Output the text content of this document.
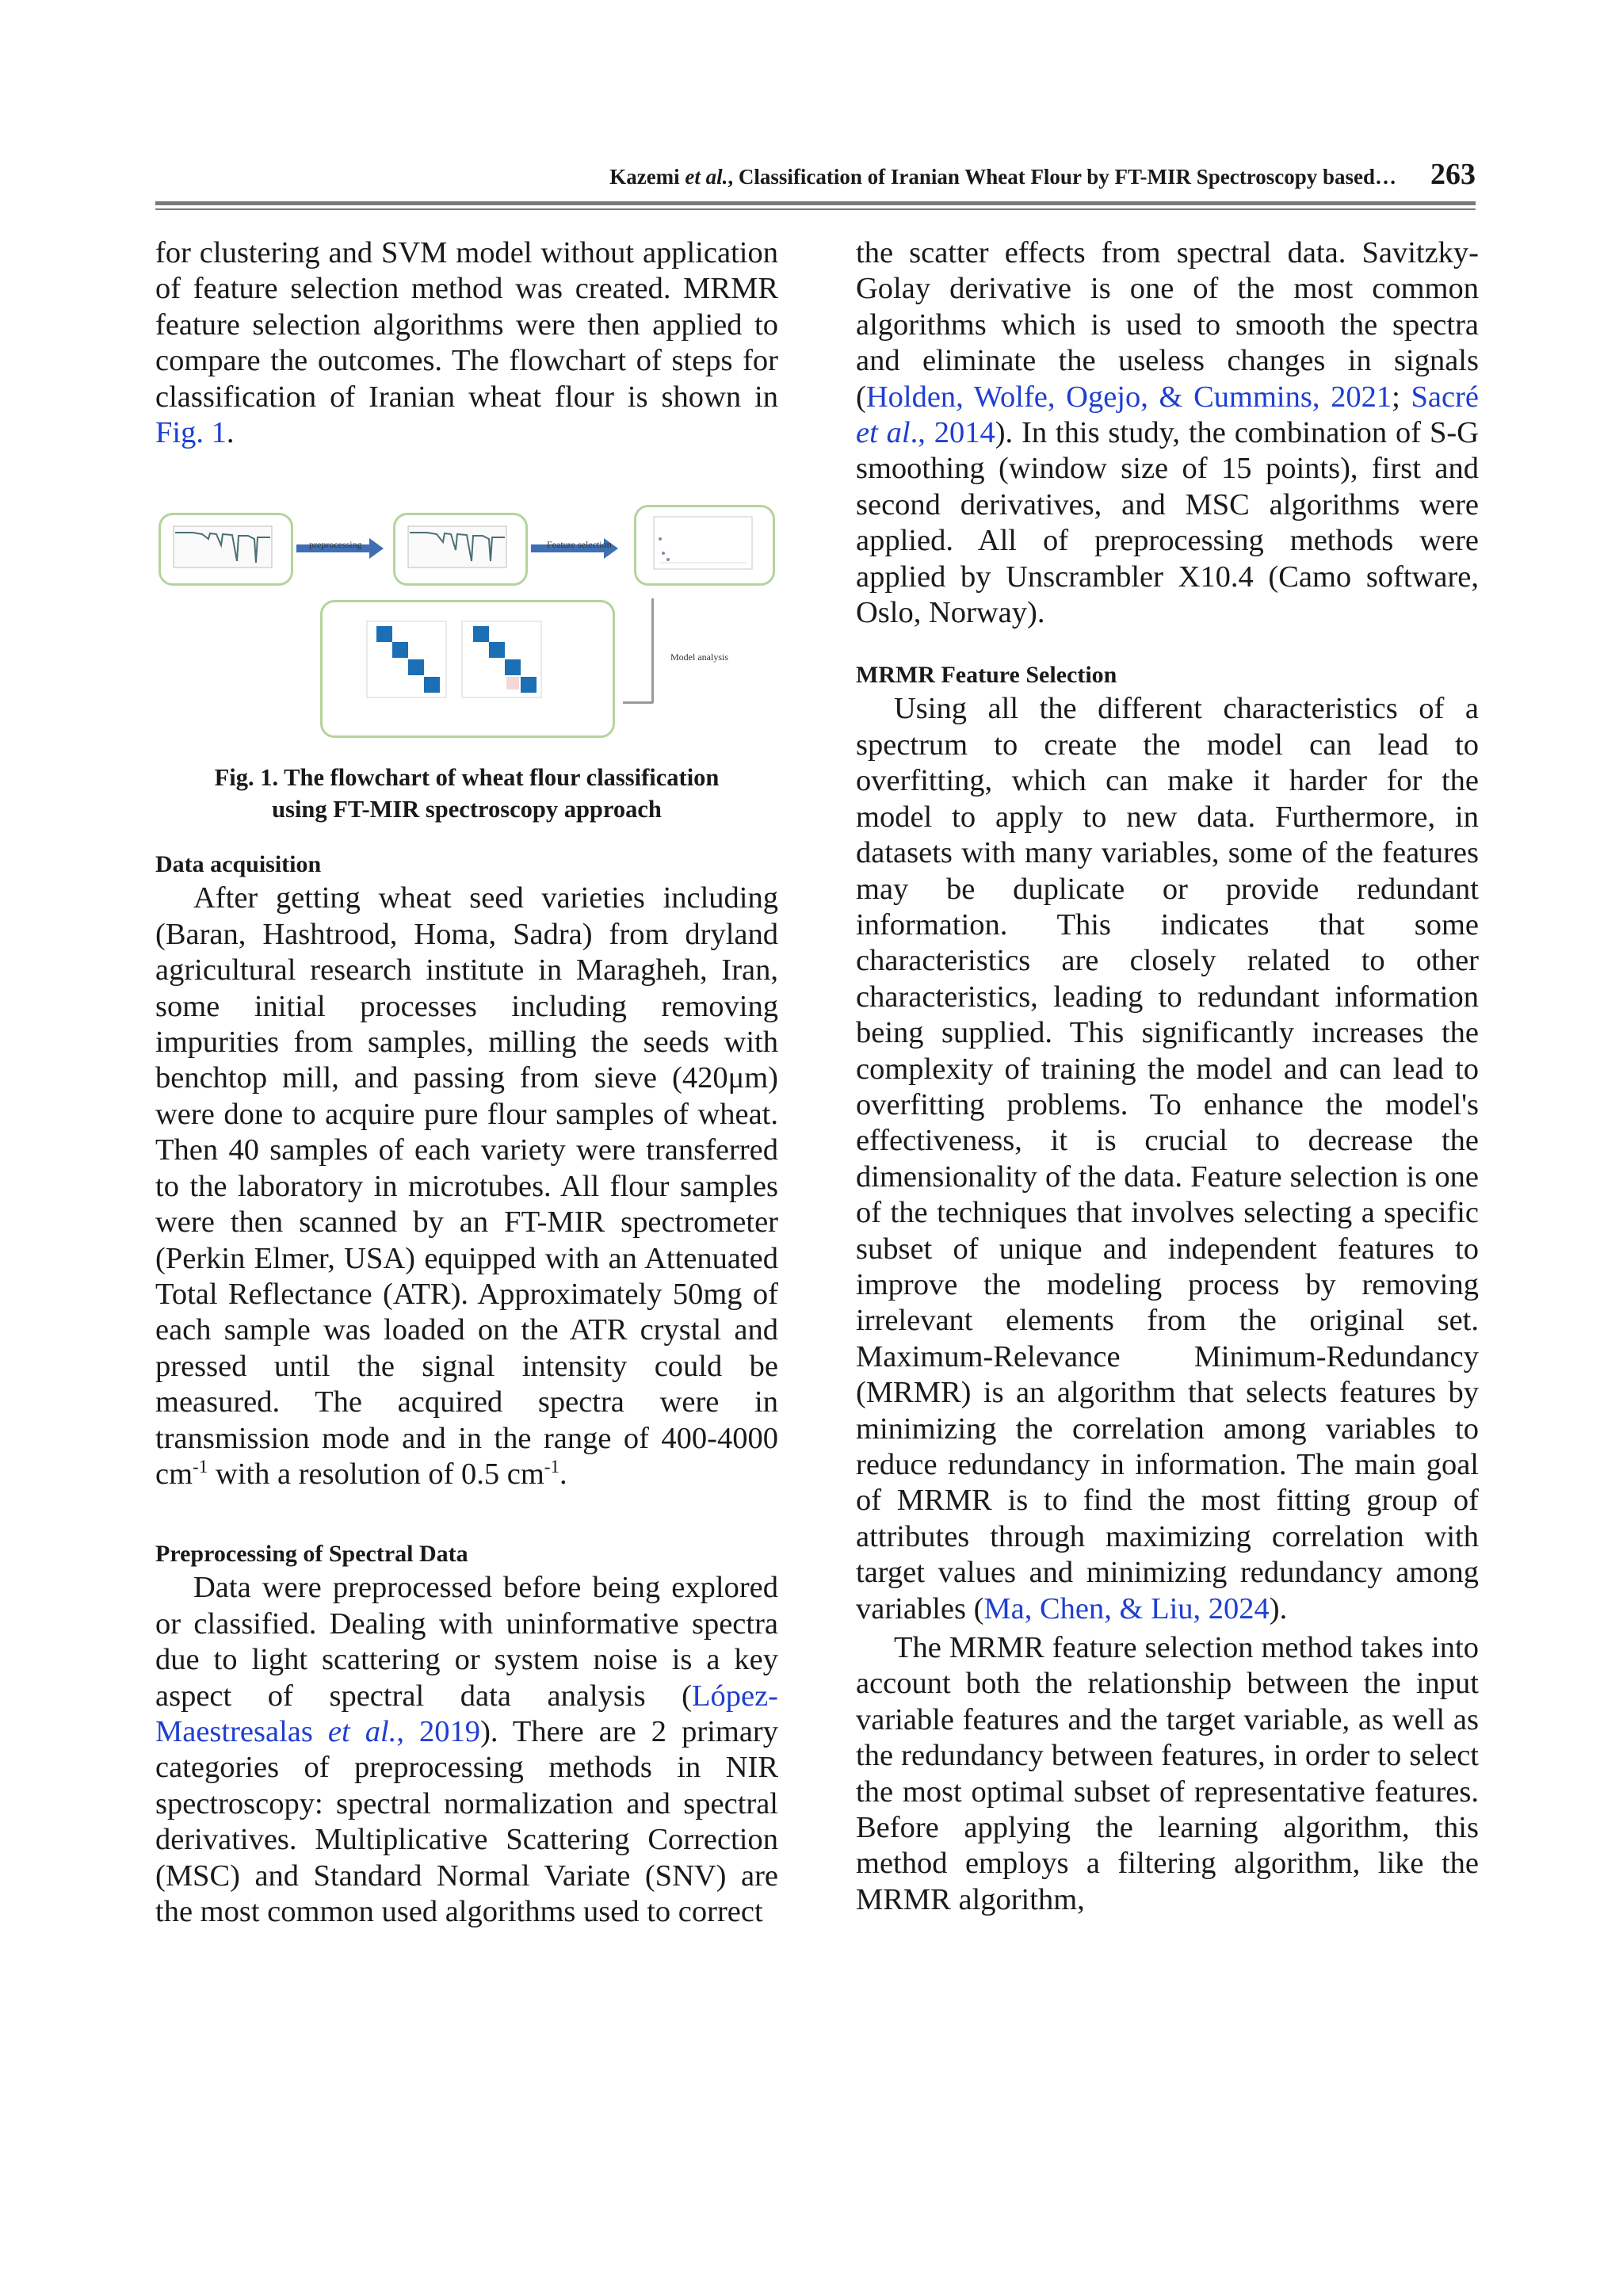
Kazemi et al., Classification of Iranian Wheat Flour by FT-MIR Spectroscopy based… 263

for clustering and SVM model without application of feature selection method was created. MRMR feature selection algorithms were then applied to compare the outcomes. The flowchart of steps for classification of Iranian wheat flour is shown in Fig. 1.

preprocessing	Feature selection
Model analysis
Fig. 1. The flowchart of wheat flour classification
using FT-MIR spectroscopy approach
Data acquisition

After getting wheat seed varieties including (Baran, Hashtrood, Homa, Sadra) from dryland agricultural research institute in Maragheh, Iran, some initial processes including removing impurities from samples, milling the seeds with benchtop mill, and passing from sieve (420μm) were done to acquire pure flour samples of wheat. Then 40 samples of each variety were transferred to the laboratory in microtubes. All flour samples were then scanned by an FT-MIR spectrometer (Perkin Elmer, USA) equipped with an Attenuated Total Reflectance (ATR). Approximately 50mg of each sample was loaded on the ATR crystal and pressed until the signal intensity could be measured. The acquired spectra were in transmission mode and in the range of 400-4000 $cm^{-1}$ with a resolution of 0.5 $cm^{-1}$.

Preprocessing of Spectral Data

Data were preprocessed before being explored or classified. Dealing with uninformative spectra due to light scattering or system noise is a key aspect of spectral data analysis (López-Maestresalas et al., 2019). There are 2 primary categories of preprocessing methods in NIR spectroscopy: spectral normalization and spectral derivatives. Multiplicative Scattering Correction (MSC) and Standard Normal Variate (SNV) are the most common used algorithms used to correct

the scatter effects from spectral data. Savitzky-Golay derivative is one of the most common algorithms which is used to smooth the spectra and eliminate the useless changes in signals (Holden, Wolfe, Ogejo, & Cummins, 2021; Sacré et al., 2014). In this study, the combination of S-G smoothing (window size of 15 points), first and second derivatives, and MSC algorithms were applied. All of preprocessing methods were applied by Unscrambler X10.4 (Camo software, Oslo, Norway).

MRMR Feature Selection

Using all the different characteristics of a spectrum to create the model can lead to overfitting, which can make it harder for the model to apply to new data. Furthermore, in datasets with many variables, some of the features may be duplicate or provide redundant information. This indicates that some characteristics are closely related to other characteristics, leading to redundant information being supplied. This significantly increases the complexity of training the model and can lead to overfitting problems. To enhance the model's effectiveness, it is crucial to decrease the dimensionality of the data. Feature selection is one of the techniques that involves selecting a specific subset of unique and independent features to improve the modeling process by removing irrelevant elements from the original set. Maximum-Relevance Minimum-Redundancy (MRMR) is an algorithm that selects features by minimizing the correlation among variables to reduce redundancy in information. The main goal of MRMR is to find the most fitting group of attributes through maximizing correlation with target values and minimizing redundancy among variables (Ma, Chen, & Liu, 2024).

The MRMR feature selection method takes into account both the relationship between the input variable features and the target variable, as well as the redundancy between features, in order to select the most optimal subset of representative features. Before applying the learning algorithm, this method employs a filtering algorithm, like the MRMR algorithm,
